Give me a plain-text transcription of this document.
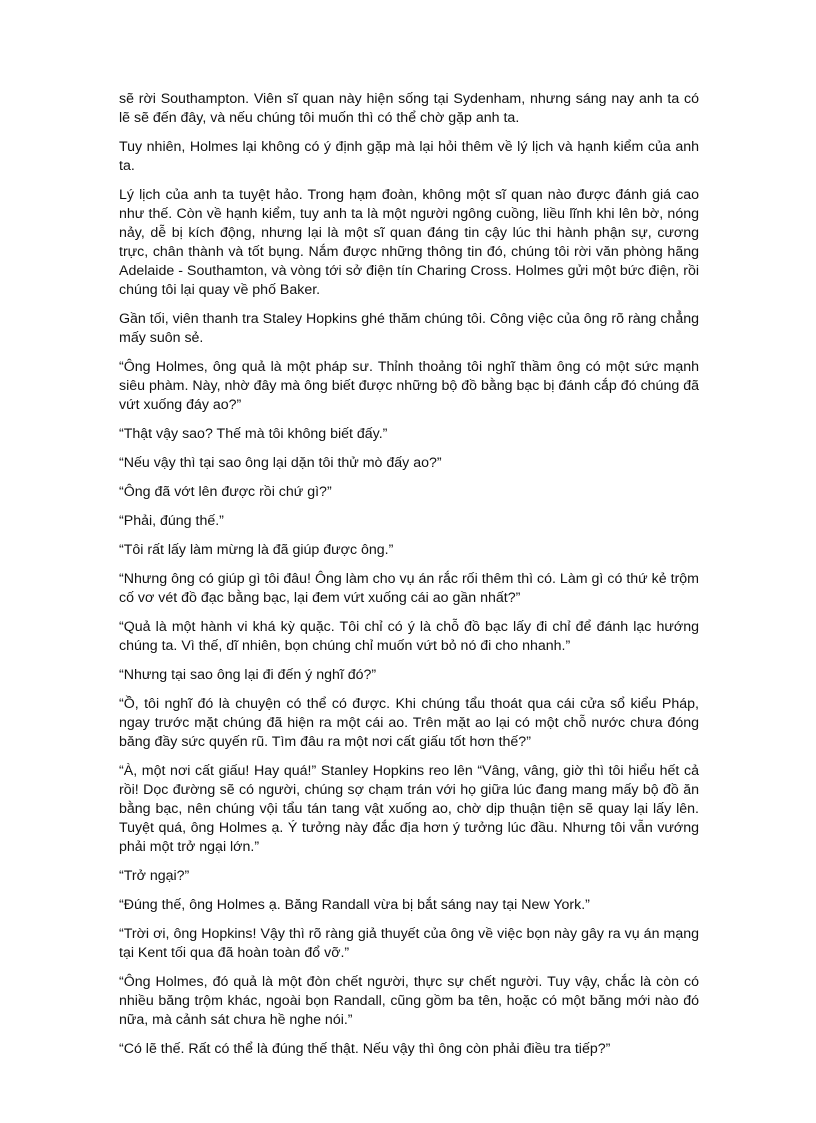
sẽ rời Southampton. Viên sĩ quan này hiện sống tại Sydenham, nhưng sáng nay anh ta có lẽ sẽ đến đây, và nếu chúng tôi muốn thì có thể chờ gặp anh ta.

Tuy nhiên, Holmes lại không có ý định gặp mà lại hỏi thêm về lý lịch và hạnh kiểm của anh ta.

Lý lịch của anh ta tuyệt hảo. Trong hạm đoàn, không một sĩ quan nào được đánh giá cao như thế. Còn về hạnh kiểm, tuy anh ta là một người ngông cuồng, liều lĩnh khi lên bờ, nóng nảy, dễ bị kích động, nhưng lại là một sĩ quan đáng tin cậy lúc thi hành phận sự, cương trực, chân thành và tốt bụng. Nắm được những thông tin đó, chúng tôi rời văn phòng hãng Adelaide - Southamton, và vòng tới sở điện tín Charing Cross. Holmes gửi một bức điện, rồi chúng tôi lại quay về phố Baker.

Gần tối, viên thanh tra Staley Hopkins ghé thăm chúng tôi. Công việc của ông rõ ràng chẳng mấy suôn sẻ.

“Ông Holmes, ông quả là một pháp sư. Thỉnh thoảng tôi nghĩ thầm ông có một sức mạnh siêu phàm. Này, nhờ đây mà ông biết được những bộ đồ bằng bạc bị đánh cắp đó chúng đã vứt xuống đáy ao?”

“Thật vậy sao? Thế mà tôi không biết đấy.”

“Nếu vậy thì tại sao ông lại dặn tôi thử mò đấy ao?”

“Ông đã vớt lên được rồi chứ gì?”

“Phải, đúng thế.”

“Tôi rất lấy làm mừng là đã giúp được ông.”

“Nhưng ông có giúp gì tôi đâu! Ông làm cho vụ án rắc rối thêm thì có. Làm gì có thứ kẻ trộm cố vơ vét đồ đạc bằng bạc, lại đem vứt xuống cái ao gần nhất?”

“Quả là một hành vi khá kỳ quặc. Tôi chỉ có ý là chỗ đồ bạc lấy đi chỉ để đánh lạc hướng chúng ta. Vì thế, dĩ nhiên, bọn chúng chỉ muốn vứt bỏ nó đi cho nhanh.”

“Nhưng tại sao ông lại đi đến ý nghĩ đó?”

“Ồ, tôi nghĩ đó là chuyện có thể có được. Khi chúng tẩu thoát qua cái cửa sổ kiểu Pháp, ngay trước mặt chúng đã hiện ra một cái ao. Trên mặt ao lại có một chỗ nước chưa đóng băng đầy sức quyến rũ. Tìm đâu ra một nơi cất giấu tốt hơn thế?”

“À, một nơi cất giấu! Hay quá!” Stanley Hopkins reo lên “Vâng, vâng, giờ thì tôi hiểu hết cả rồi! Dọc đường sẽ có người, chúng sợ chạm trán với họ giữa lúc đang mang mấy bộ đồ ăn bằng bạc, nên chúng vội tẩu tán tang vật xuống ao, chờ dịp thuận tiện sẽ quay lại lấy lên. Tuyệt quá, ông Holmes ạ. Ý tưởng này đắc địa hơn ý tưởng lúc đầu. Nhưng tôi vẫn vướng phải một trở ngại lớn.”

“Trở ngại?”

“Đúng thế, ông Holmes ạ. Băng Randall vừa bị bắt sáng nay tại New York.”

“Trời ơi, ông Hopkins! Vậy thì rõ ràng giả thuyết của ông về việc bọn này gây ra vụ án mạng tại Kent tối qua đã hoàn toàn đổ vỡ.”

“Ông Holmes, đó quả là một đòn chết người, thực sự chết người. Tuy vậy, chắc là còn có nhiều băng trộm khác, ngoài bọn Randall, cũng gồm ba tên, hoặc có một băng mới nào đó nữa, mà cảnh sát chưa hề nghe nói.”

“Có lẽ thế. Rất có thể là đúng thế thật. Nếu vậy thì ông còn phải điều tra tiếp?”
